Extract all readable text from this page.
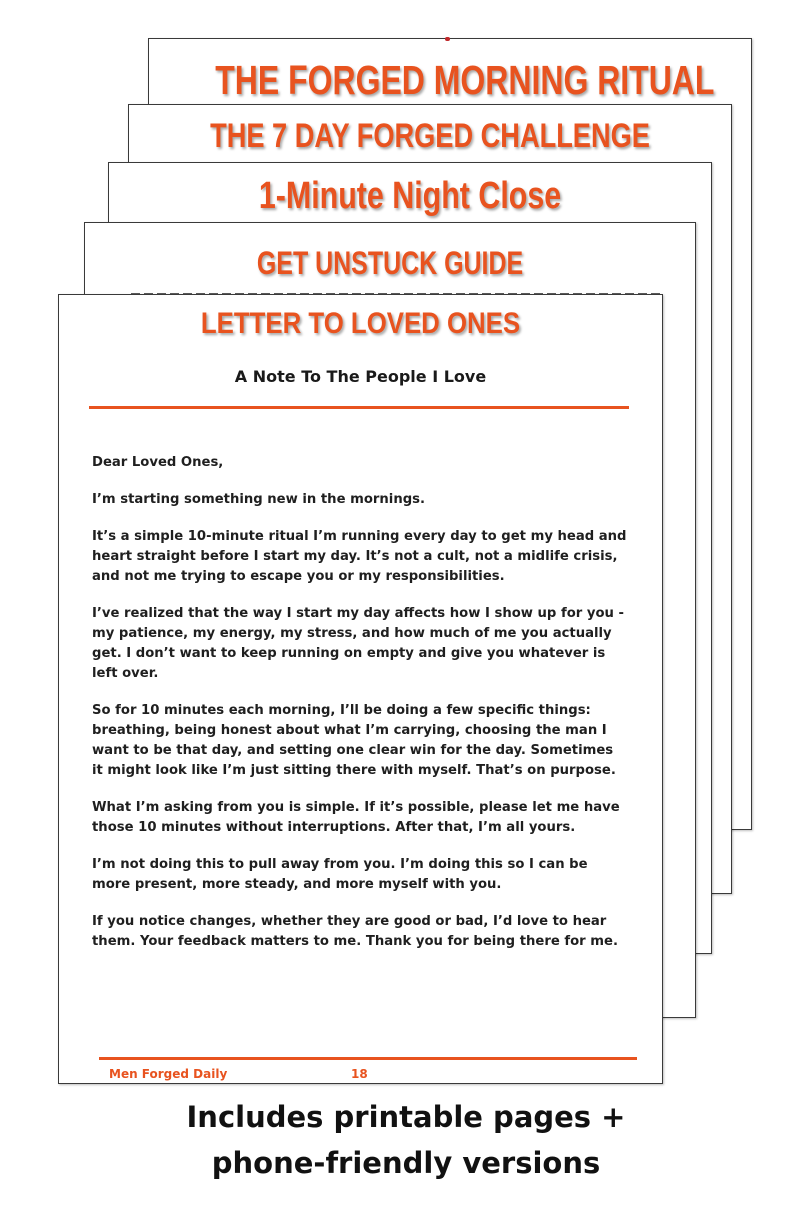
THE FORGED MORNING RITUAL
THE 7 DAY FORGED CHALLENGE
1-Minute Night Close
GET UNSTUCK GUIDE
LETTER TO LOVED ONES
A Note To The People I Love

Dear Loved Ones,

I’m starting something new in the mornings.

It’s a simple 10-minute ritual I’m running every day to get my head and heart straight before I start my day. It’s not a cult, not a midlife crisis, and not me trying to escape you or my responsibilities.

I’ve realized that the way I start my day affects how I show up for you - my patience, my energy, my stress, and how much of me you actually get. I don’t want to keep running on empty and give you whatever is left over.

So for 10 minutes each morning, I’ll be doing a few specific things: breathing, being honest about what I’m carrying, choosing the man I want to be that day, and setting one clear win for the day. Sometimes it might look like I’m just sitting there with myself. That’s on purpose.

What I’m asking from you is simple. If it’s possible, please let me have those 10 minutes without interruptions. After that, I’m all yours.

I’m not doing this to pull away from you. I’m doing this so I can be more present, more steady, and more myself with you.

If you notice changes, whether they are good or bad, I’d love to hear them. Your feedback matters to me. Thank you for being there for me.

Men Forged Daily	18
Includes printable pages +
phone-friendly versions
